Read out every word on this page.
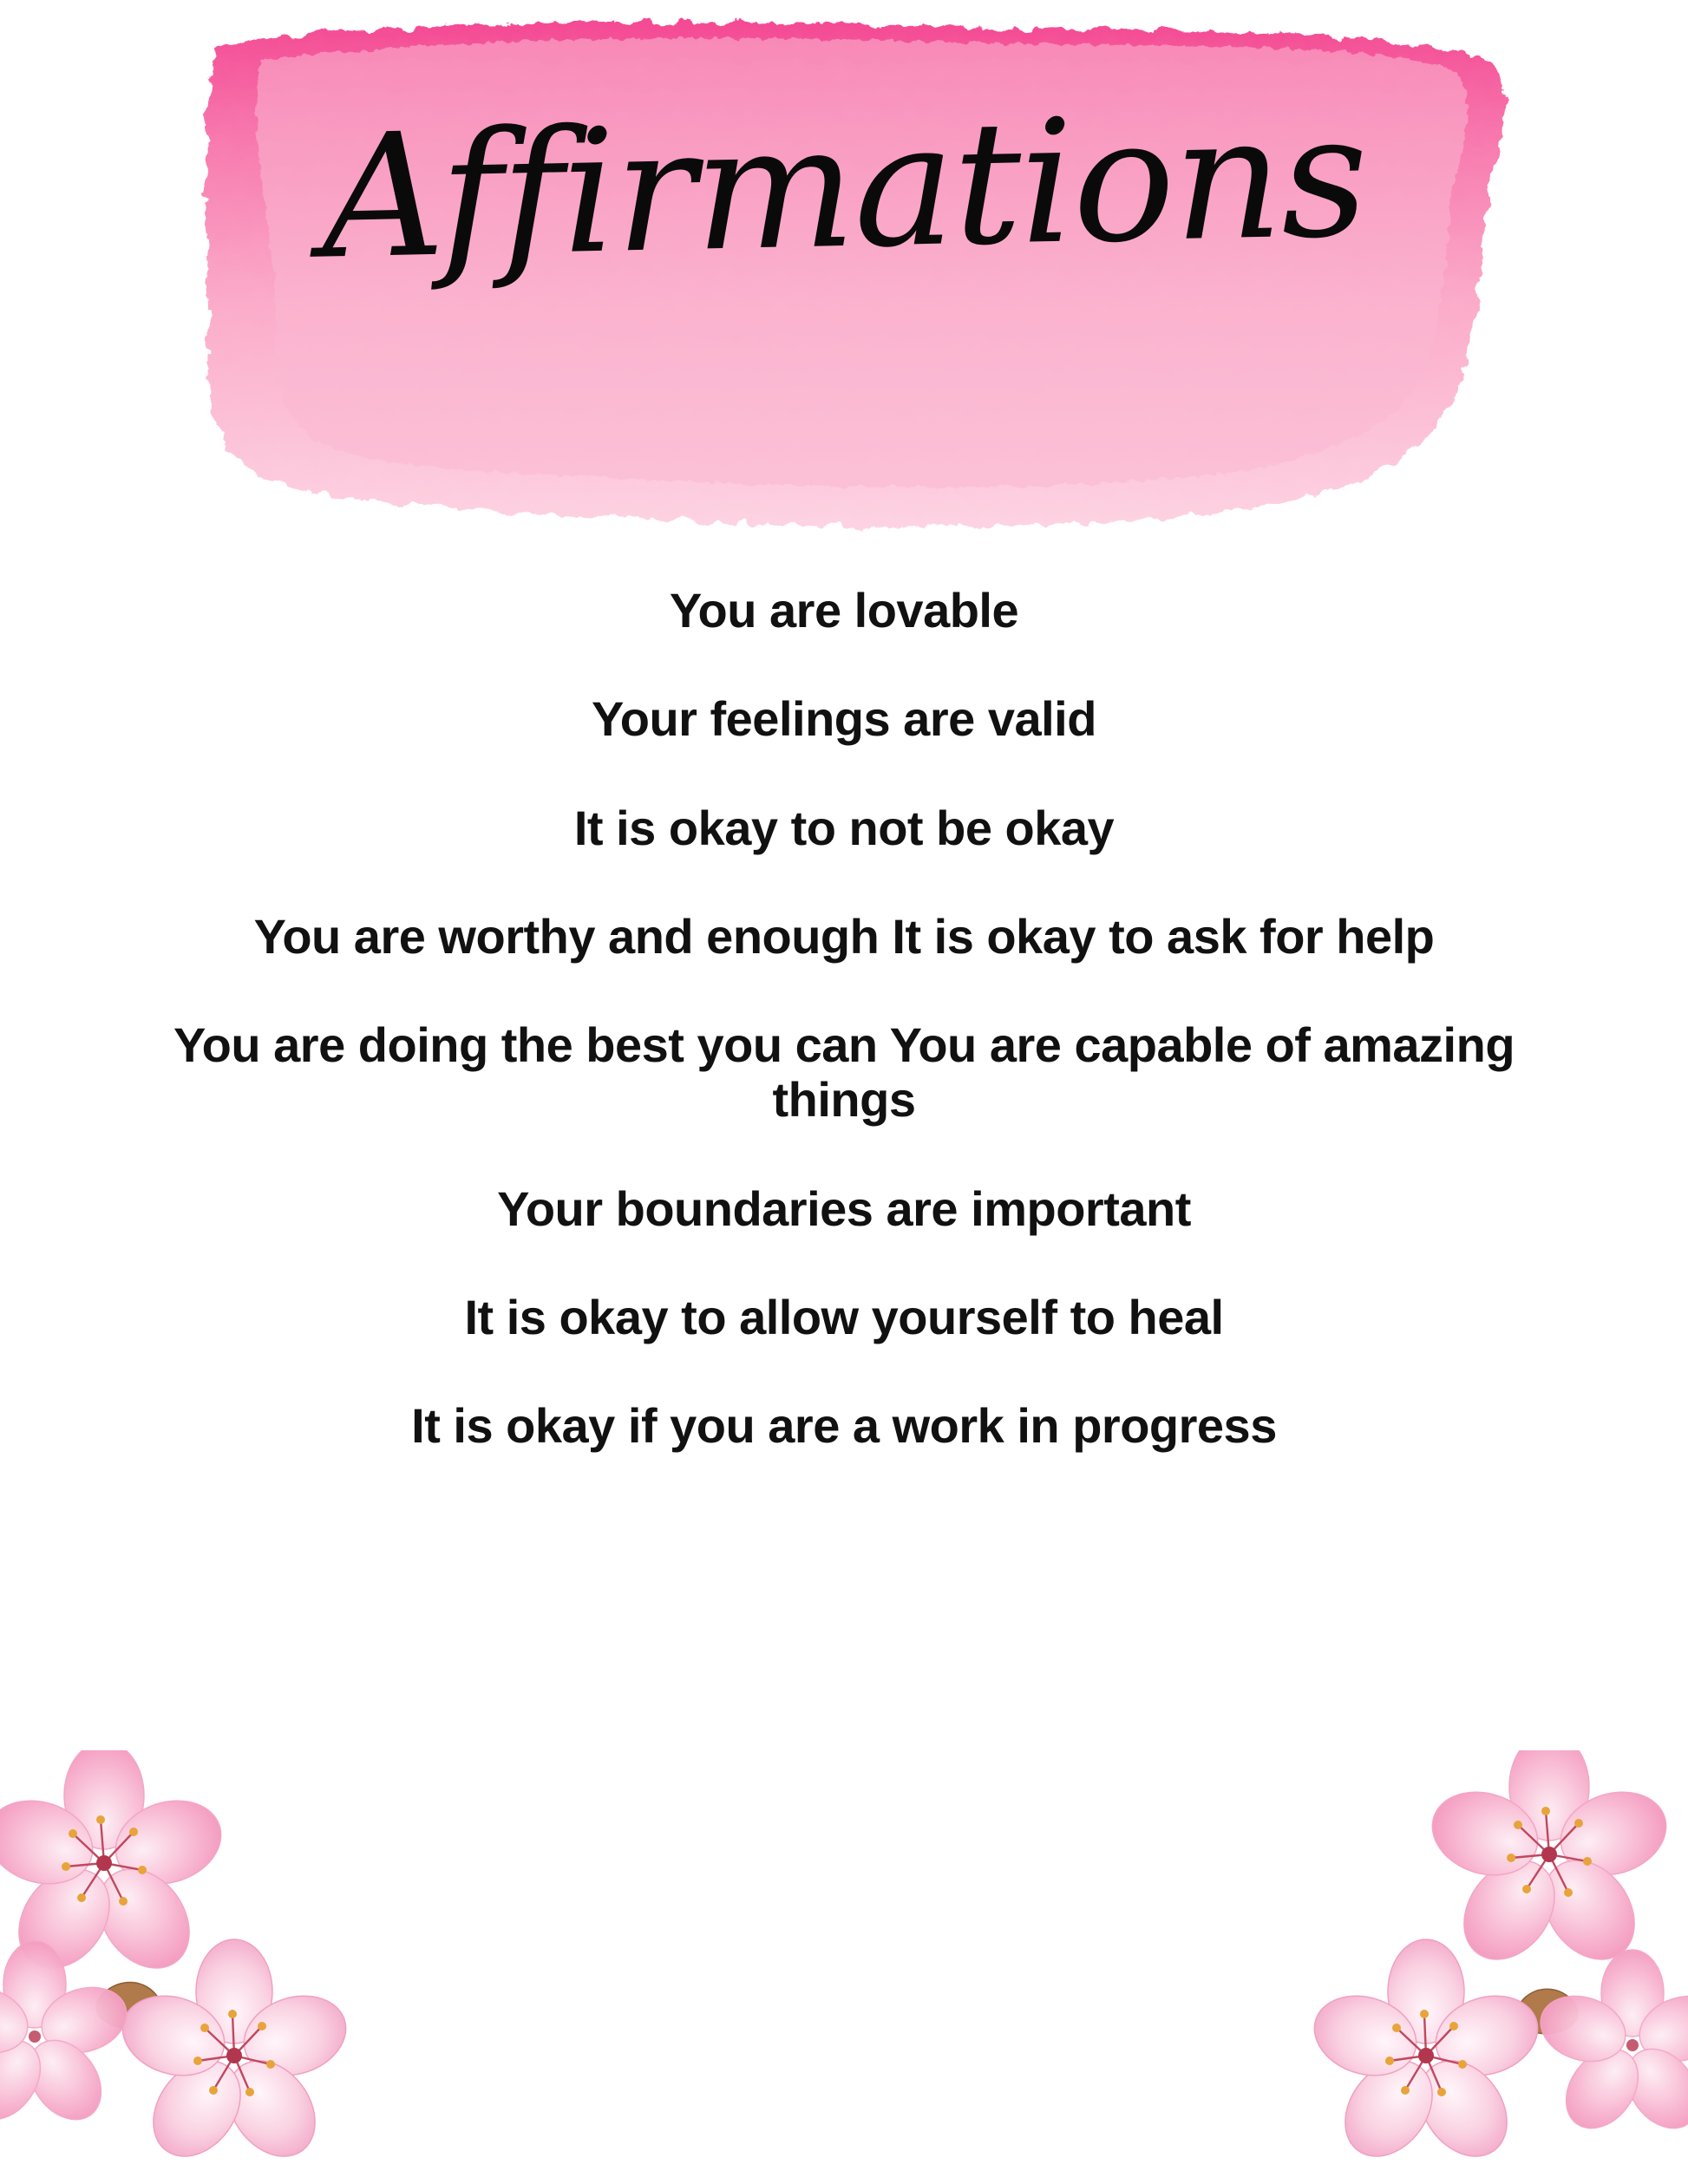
Affirmations

You are lovable

Your feelings are valid

It is okay to not be okay

You are worthy and enough It is okay to ask for help

You are doing the best you can You are capable of amazing things

Your boundaries are important

It is okay to allow yourself to heal

It is okay if you are a work in progress
